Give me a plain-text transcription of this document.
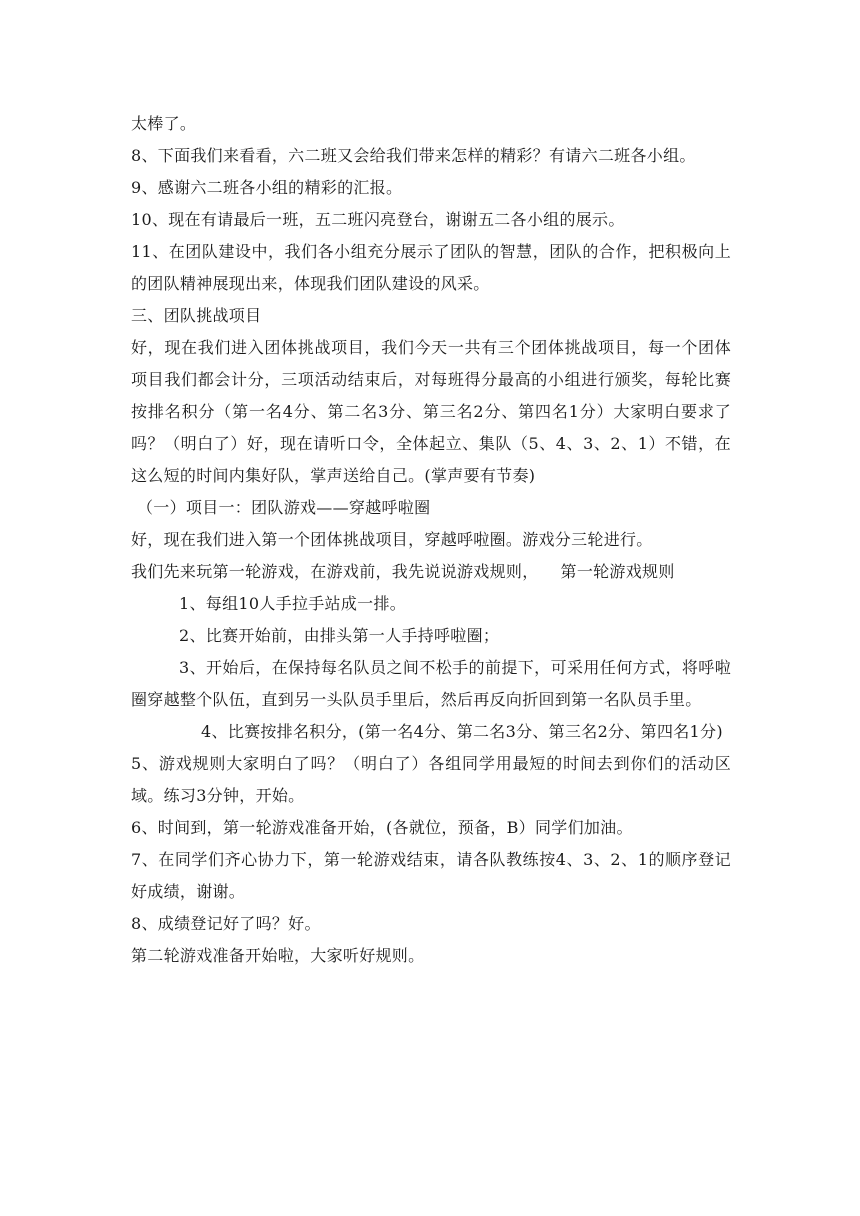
太棒了。

8、下面我们来看看，六二班又会给我们带来怎样的精彩？有请六二班各小组。

9、感谢六二班各小组的精彩的汇报。

10、现在有请最后一班，五二班闪亮登台，谢谢五二各小组的展示。

11、在团队建设中，我们各小组充分展示了团队的智慧，团队的合作，把积极向上的团队精神展现出来，体现我们团队建设的风采。

三、团队挑战项目

好，现在我们进入团体挑战项目，我们今天一共有三个团体挑战项目，每一个团体项目我们都会计分，三项活动结束后，对每班得分最高的小组进行颁奖，每轮比赛按排名积分（第一名4分、第二名3分、第三名2分、第四名1分）大家明白要求了吗？（明白了）好，现在请听口令，全体起立、集队（5、4、3、2、1）不错，在这么短的时间内集好队，掌声送给自己。(掌声要有节奏)

（一）项目一：团队游戏——穿越呼啦圈

好，现在我们进入第一个团体挑战项目，穿越呼啦圈。游戏分三轮进行。

我们先来玩第一轮游戏，在游戏前，我先说说游戏规则， 第一轮游戏规则

1、每组10人手拉手站成一排。

2、比赛开始前，由排头第一人手持呼啦圈；

3、开始后，在保持每名队员之间不松手的前提下，可采用任何方式，将呼啦圈穿越整个队伍，直到另一头队员手里后，然后再反向折回到第一名队员手里。

4、比赛按排名积分，(第一名4分、第二名3分、第三名2分、第四名1分)

5、游戏规则大家明白了吗？（明白了）各组同学用最短的时间去到你们的活动区域。练习3分钟，开始。

6、时间到，第一轮游戏准备开始，(各就位，预备，B）同学们加油。

7、在同学们齐心协力下，第一轮游戏结束，请各队教练按4、3、2、1的顺序登记好成绩，谢谢。

8、成绩登记好了吗？好。

第二轮游戏准备开始啦，大家听好规则。
